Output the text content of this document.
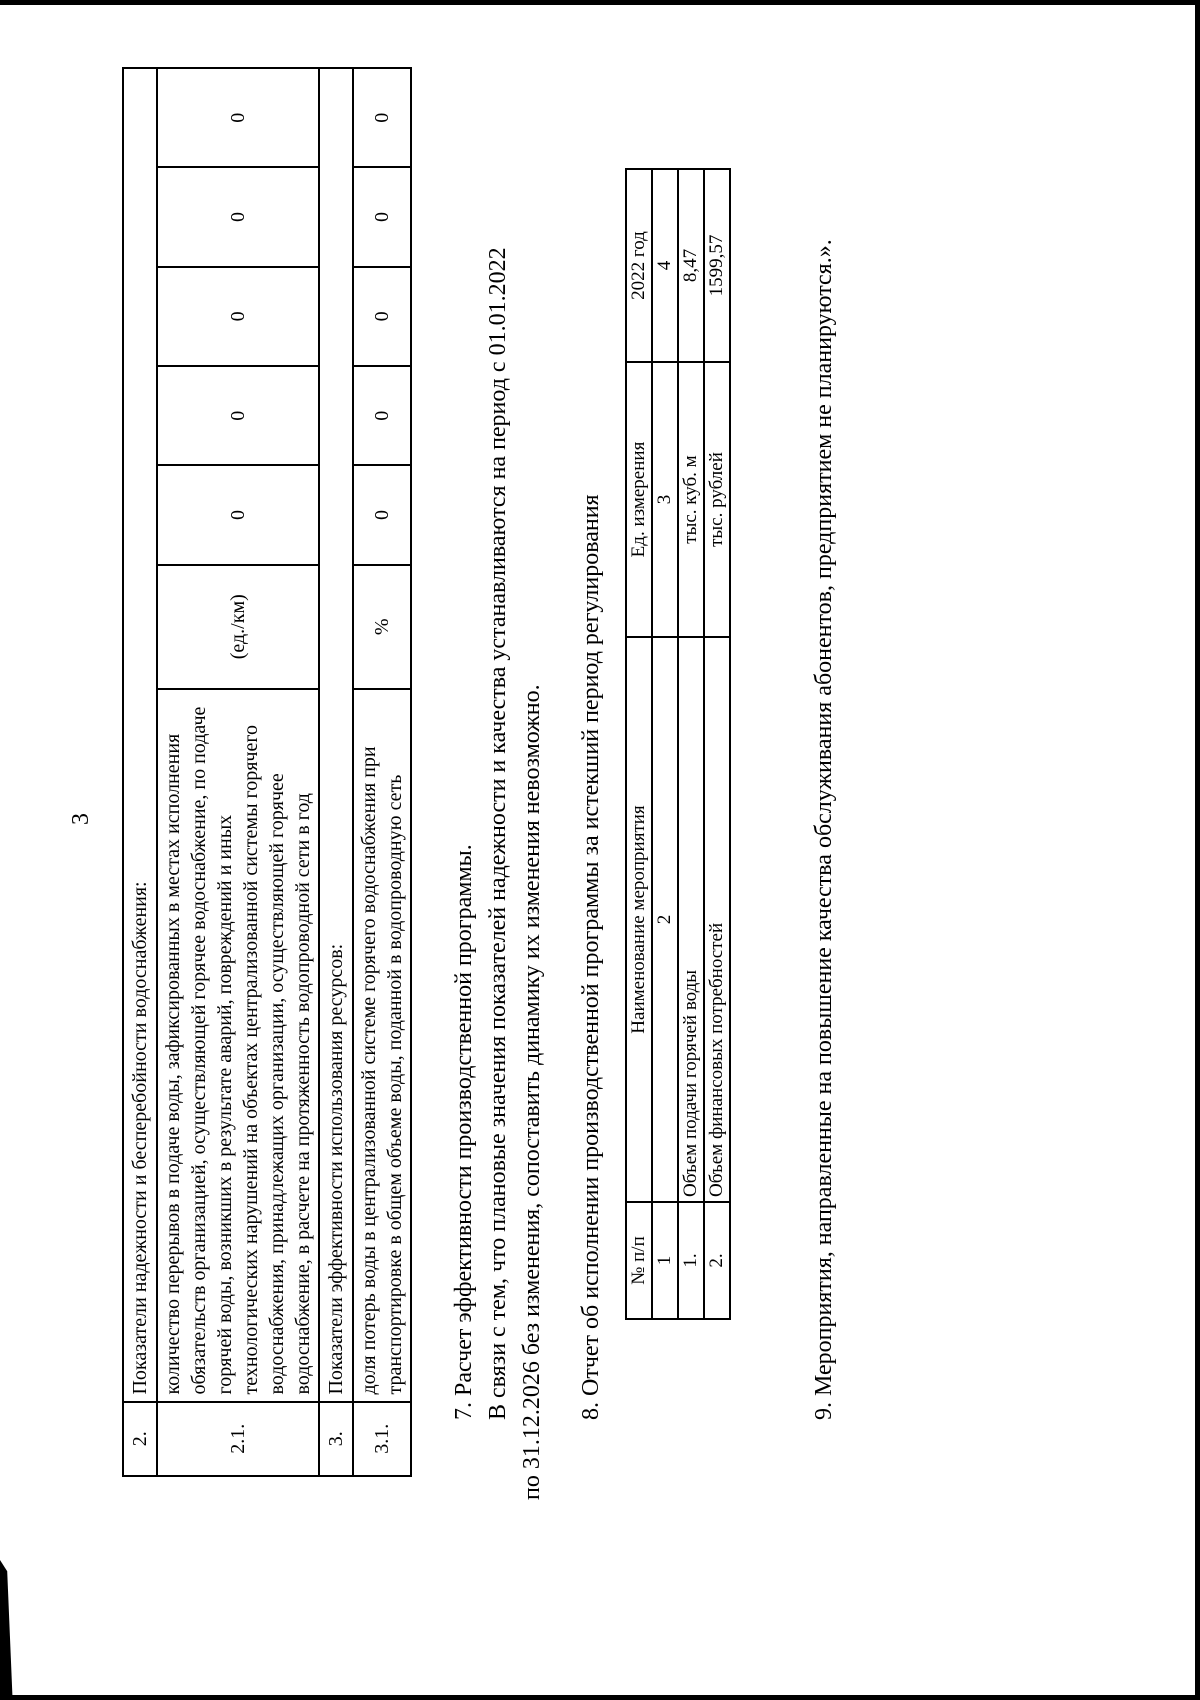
3
2.	Показатели надежности и бесперебойности водоснабжения:						
2.1.	количество перерывов в подаче воды, зафиксированных в местах исполнения обязательств организацией, осуществляющей горячее водоснабжение, по подаче горячей воды, возникших в результате аварий, повреждений и иных технологических нарушений на объектах централизованной системы горячего водоснабжения, принадлежащих организации, осуществляющей горячее водоснабжение, в расчете на протяженность водопроводной сети в год	(ед./км)	0	0	0	0	0
3.	Показатели эффективности использования ресурсов:						
3.1.	доля потерь воды в централизованной системе горячего водоснабжения при транспортировке в общем объеме воды, поданной в водопроводную сеть	%	0	0	0	0	0
7. Расчет эффективности производственной программы. В связи с тем, что плановые значения показателей надежности и качества устанавливаются на период с 01.01.2022 по 31.12.2026 без изменения, сопоставить динамику их изменения невозможно. 8. Отчет об исполнении производственной программы за истекший период регулирования № п/п	Наименование мероприятия	Ед. измерения	2022 год
1	2	3	4
1.	Объем подачи горячей воды	тыс. куб. м	8,47
2.	Объем финансовых потребностей	тыс. рублей	1599,57	9. Мероприятия, направленные на повышение качества обслуживания абонентов, предприятием не планируются.».
